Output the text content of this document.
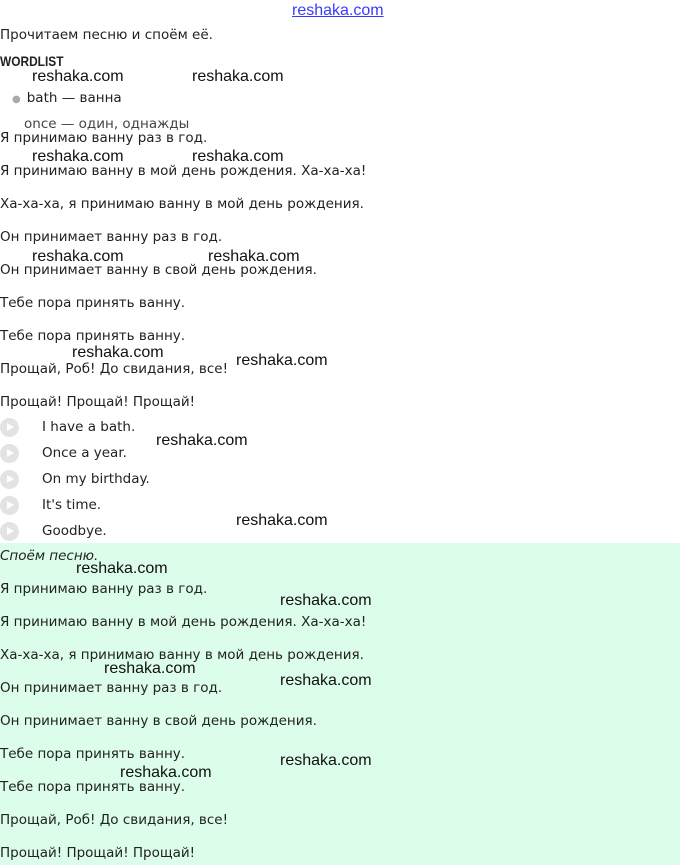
reshaka.com
Прочитаем песню и споём её.
WORDLIST
● bath — ванна
once — один, однажды
Я принимаю ванну раз в год.
Я принимаю ванну в мой день рождения. Ха-ха-ха!
Ха-ха-ха, я принимаю ванну в мой день рождения.
Он принимает ванну раз в год.
Он принимает ванну в свой день рождения.
Тебе пора принять ванну.
Тебе пора принять ванну.
Прощай, Роб! До свидания, все!
Прощай! Прощай! Прощай!
I have a bath.
Once a year.
On my birthday.
It's time.
Goodbye.
Споём песню.
Я принимаю ванну раз в год.
Я принимаю ванну в мой день рождения. Ха-ха-ха!
Ха-ха-ха, я принимаю ванну в мой день рождения.
Он принимает ванну раз в год.
Он принимает ванну в свой день рождения.
Тебе пора принять ванну.
Тебе пора принять ванну.
Прощай, Роб! До свидания, все!
Прощай! Прощай! Прощай!
reshaka.com	reshaka.com
reshaka.com	reshaka.com
reshaka.com	reshaka.com
reshaka.com	reshaka.com
reshaka.com
reshaka.com
reshaka.com
reshaka.com
reshaka.com
reshaka.com
reshaka.com
reshaka.com
